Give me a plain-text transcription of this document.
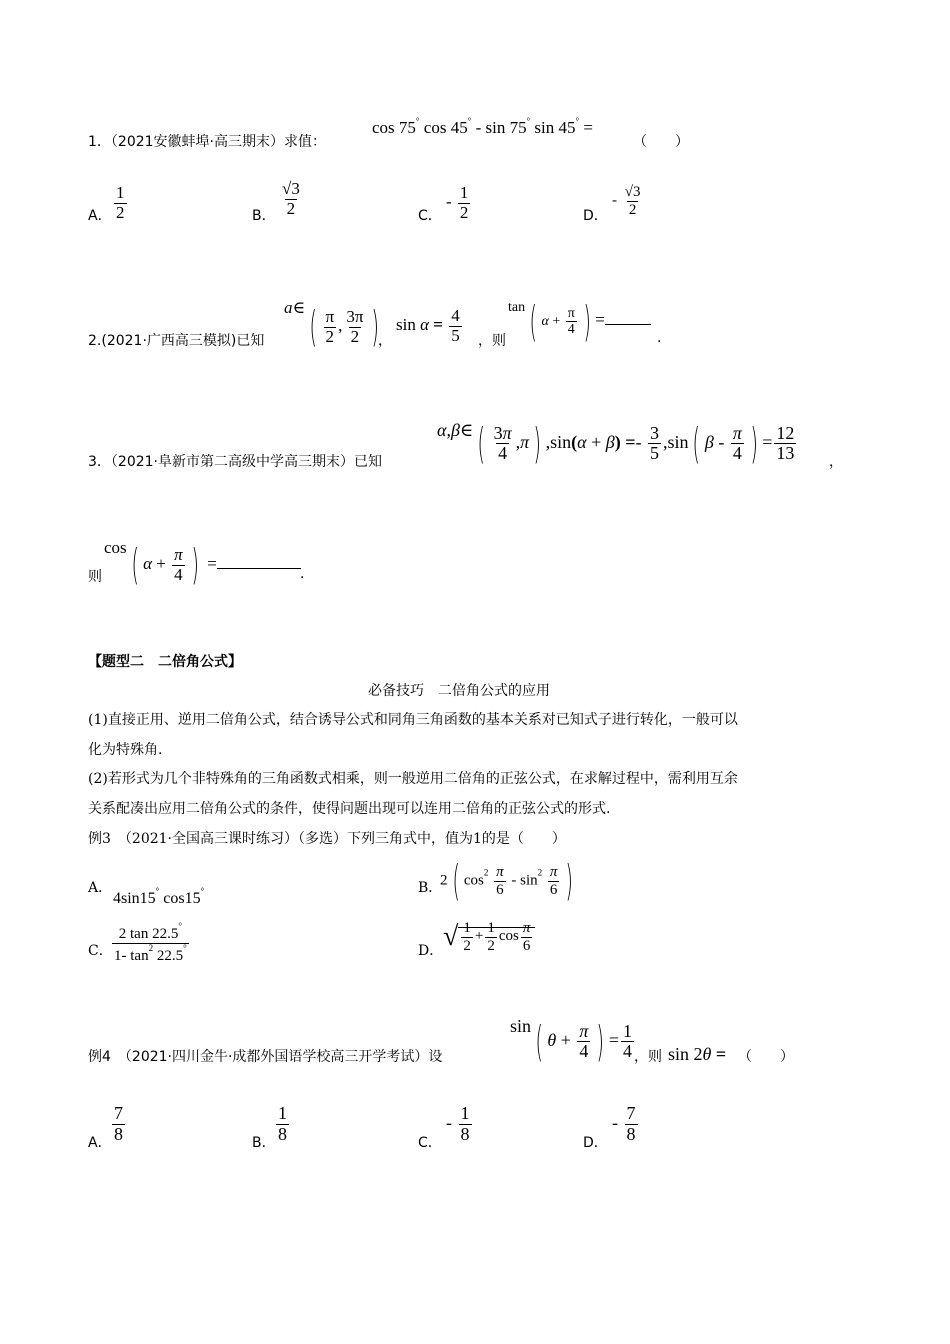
1．（2021安徽蚌埠·高三期末）求值：
cos 75° cos 45° - sin 75° sin 45° =
（　　）
A． $\frac{1}{2}$	B． $\frac{√3}{2}$	C．
- $\frac{1}{2}$	D．
- $\frac{√3}{2}$
2.(2021·广西高三模拟)已知
a∈ ( $\frac{\pi}{2}$ , $\frac{3\pi}{2}$ )
，
$\sin \alpha = \frac{4}{5}$ ，则
tan ( $\alpha + \frac{\pi}{4}$ ) =
.
3．（2021·阜新市第二高级中学高三期末）已知
α,β∈ ( $\frac{3\pi}{4} ,\pi$ ) $,\sin(\alpha + \beta) =- \frac{3}{5} ,\sin$ ( β - $\frac{\pi}{4}$ ) = $\frac{12}{13}$ ，
则
cos ( $\alpha + \frac{\pi}{4}$ ) =
.
【题型二　二倍角公式】
必备技巧　二倍角公式的应用
(1)直接正用、逆用二倍角公式，结合诱导公式和同角三角函数的基本关系对已知式子进行转化，一般可以
化为特殊角.
(2)若形式为几个非特殊角的三角函数式相乘，则一般逆用二倍角的正弦公式，在求解过程中，需利用互余
关系配凑出应用二倍角公式的条件，使得问题出现可以连用二倍角的正弦公式的形式.
例3　（2021·全国高三课时练习）（多选）下列三角式中，值为1的是（　　）
A．
4sin15° cos15°	B．
2 ( $\cos^2 \frac{\pi}{6} - \sin^2 \frac{\pi}{6}$ )
C． $\frac{2 \tan 22.5^\circ}{1- \tan^2 22.5^\circ}$	D． √ $\frac{1}{2} + \frac{1}{2}$ $\cos \frac{\pi}{6}$
例4　（2021·四川金牛·成都外国语学校高三开学考试）设
sin ( $\theta + \frac{\pi}{4}$ ) = $\frac{1}{4}$ ，则 sin 2θ = （　　）
A． $\frac{7}{8}$	B． $\frac{1}{8}$	C．
- $\frac{1}{8}$	D．
- $\frac{7}{8}$
